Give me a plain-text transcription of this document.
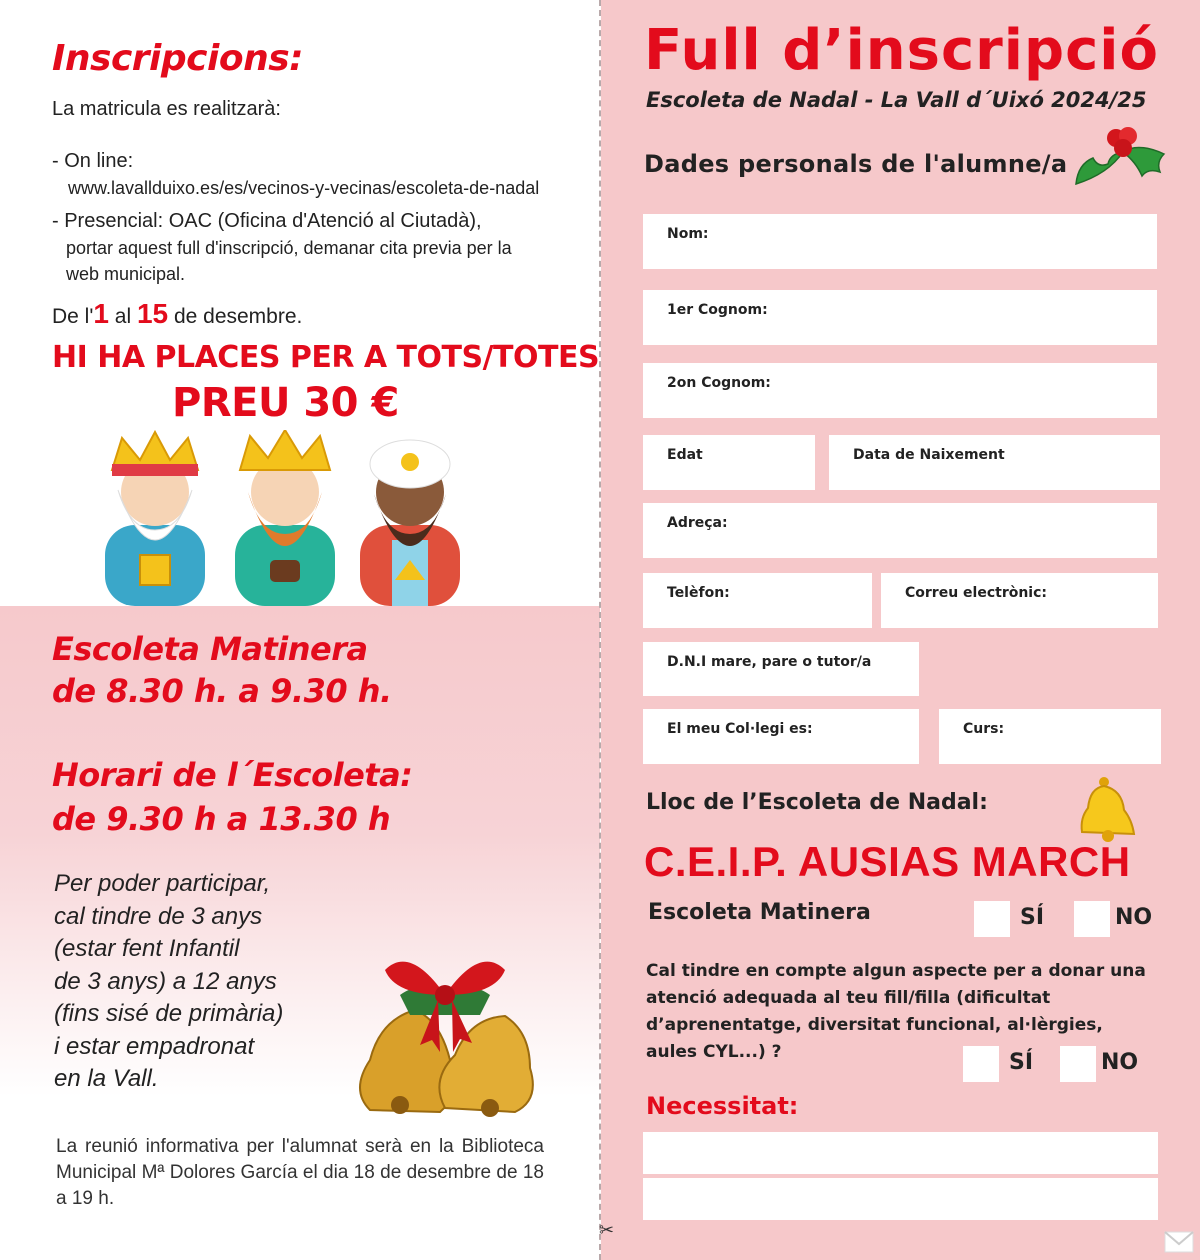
Inscripcions:
La matricula es realitzarà:
- On line:
www.lavallduixo.es/es/vecinos-y-vecinas/escoleta-de-nadal
- Presencial: OAC (Oficina d'Atenció al Ciutadà),
portar aquest full d'inscripció, demanar cita previa per la
web municipal.
De l'1 al 15 de desembre.
HI HA PLACES PER A TOTS/TOTES
PREU 30 €
Escoleta Matinera
de 8.30 h. a 9.30 h.
Horari de l´Escoleta:
de 9.30 h a 13.30 h
Per poder participar,
cal tindre de 3 anys
(estar fent Infantil
de 3 anys) a 12 anys
(fins sisé de primària)
i estar empadronat
en la Vall.
La reunió informativa per l'alumnat serà en la Biblioteca Municipal Mª Dolores García el dia 18 de desembre de 18 a 19 h.
Full d’inscripció
Escoleta de Nadal - La Vall d´Uixó 2024/25
Dades personals de l'alumne/a
Nom:
1er Cognom:
2on Cognom:
Edat	Data de Naixement
Adreça:
Telèfon:	Correu electrònic:
D.N.I mare, pare o tutor/a
El meu Col·legi es:	Curs:
Lloc de l’Escoleta de Nadal:
C.E.I.P. AUSIAS MARCH
Escoleta Matinera	SÍ	NO
Cal tindre en compte algun aspecte per a donar una atenció adequada al teu fill/filla (dificultat d’aprenentatge, diversitat funcional, al·lèrgies, aules CYL...) ?	SÍ	NO
Necessitat:
✂
